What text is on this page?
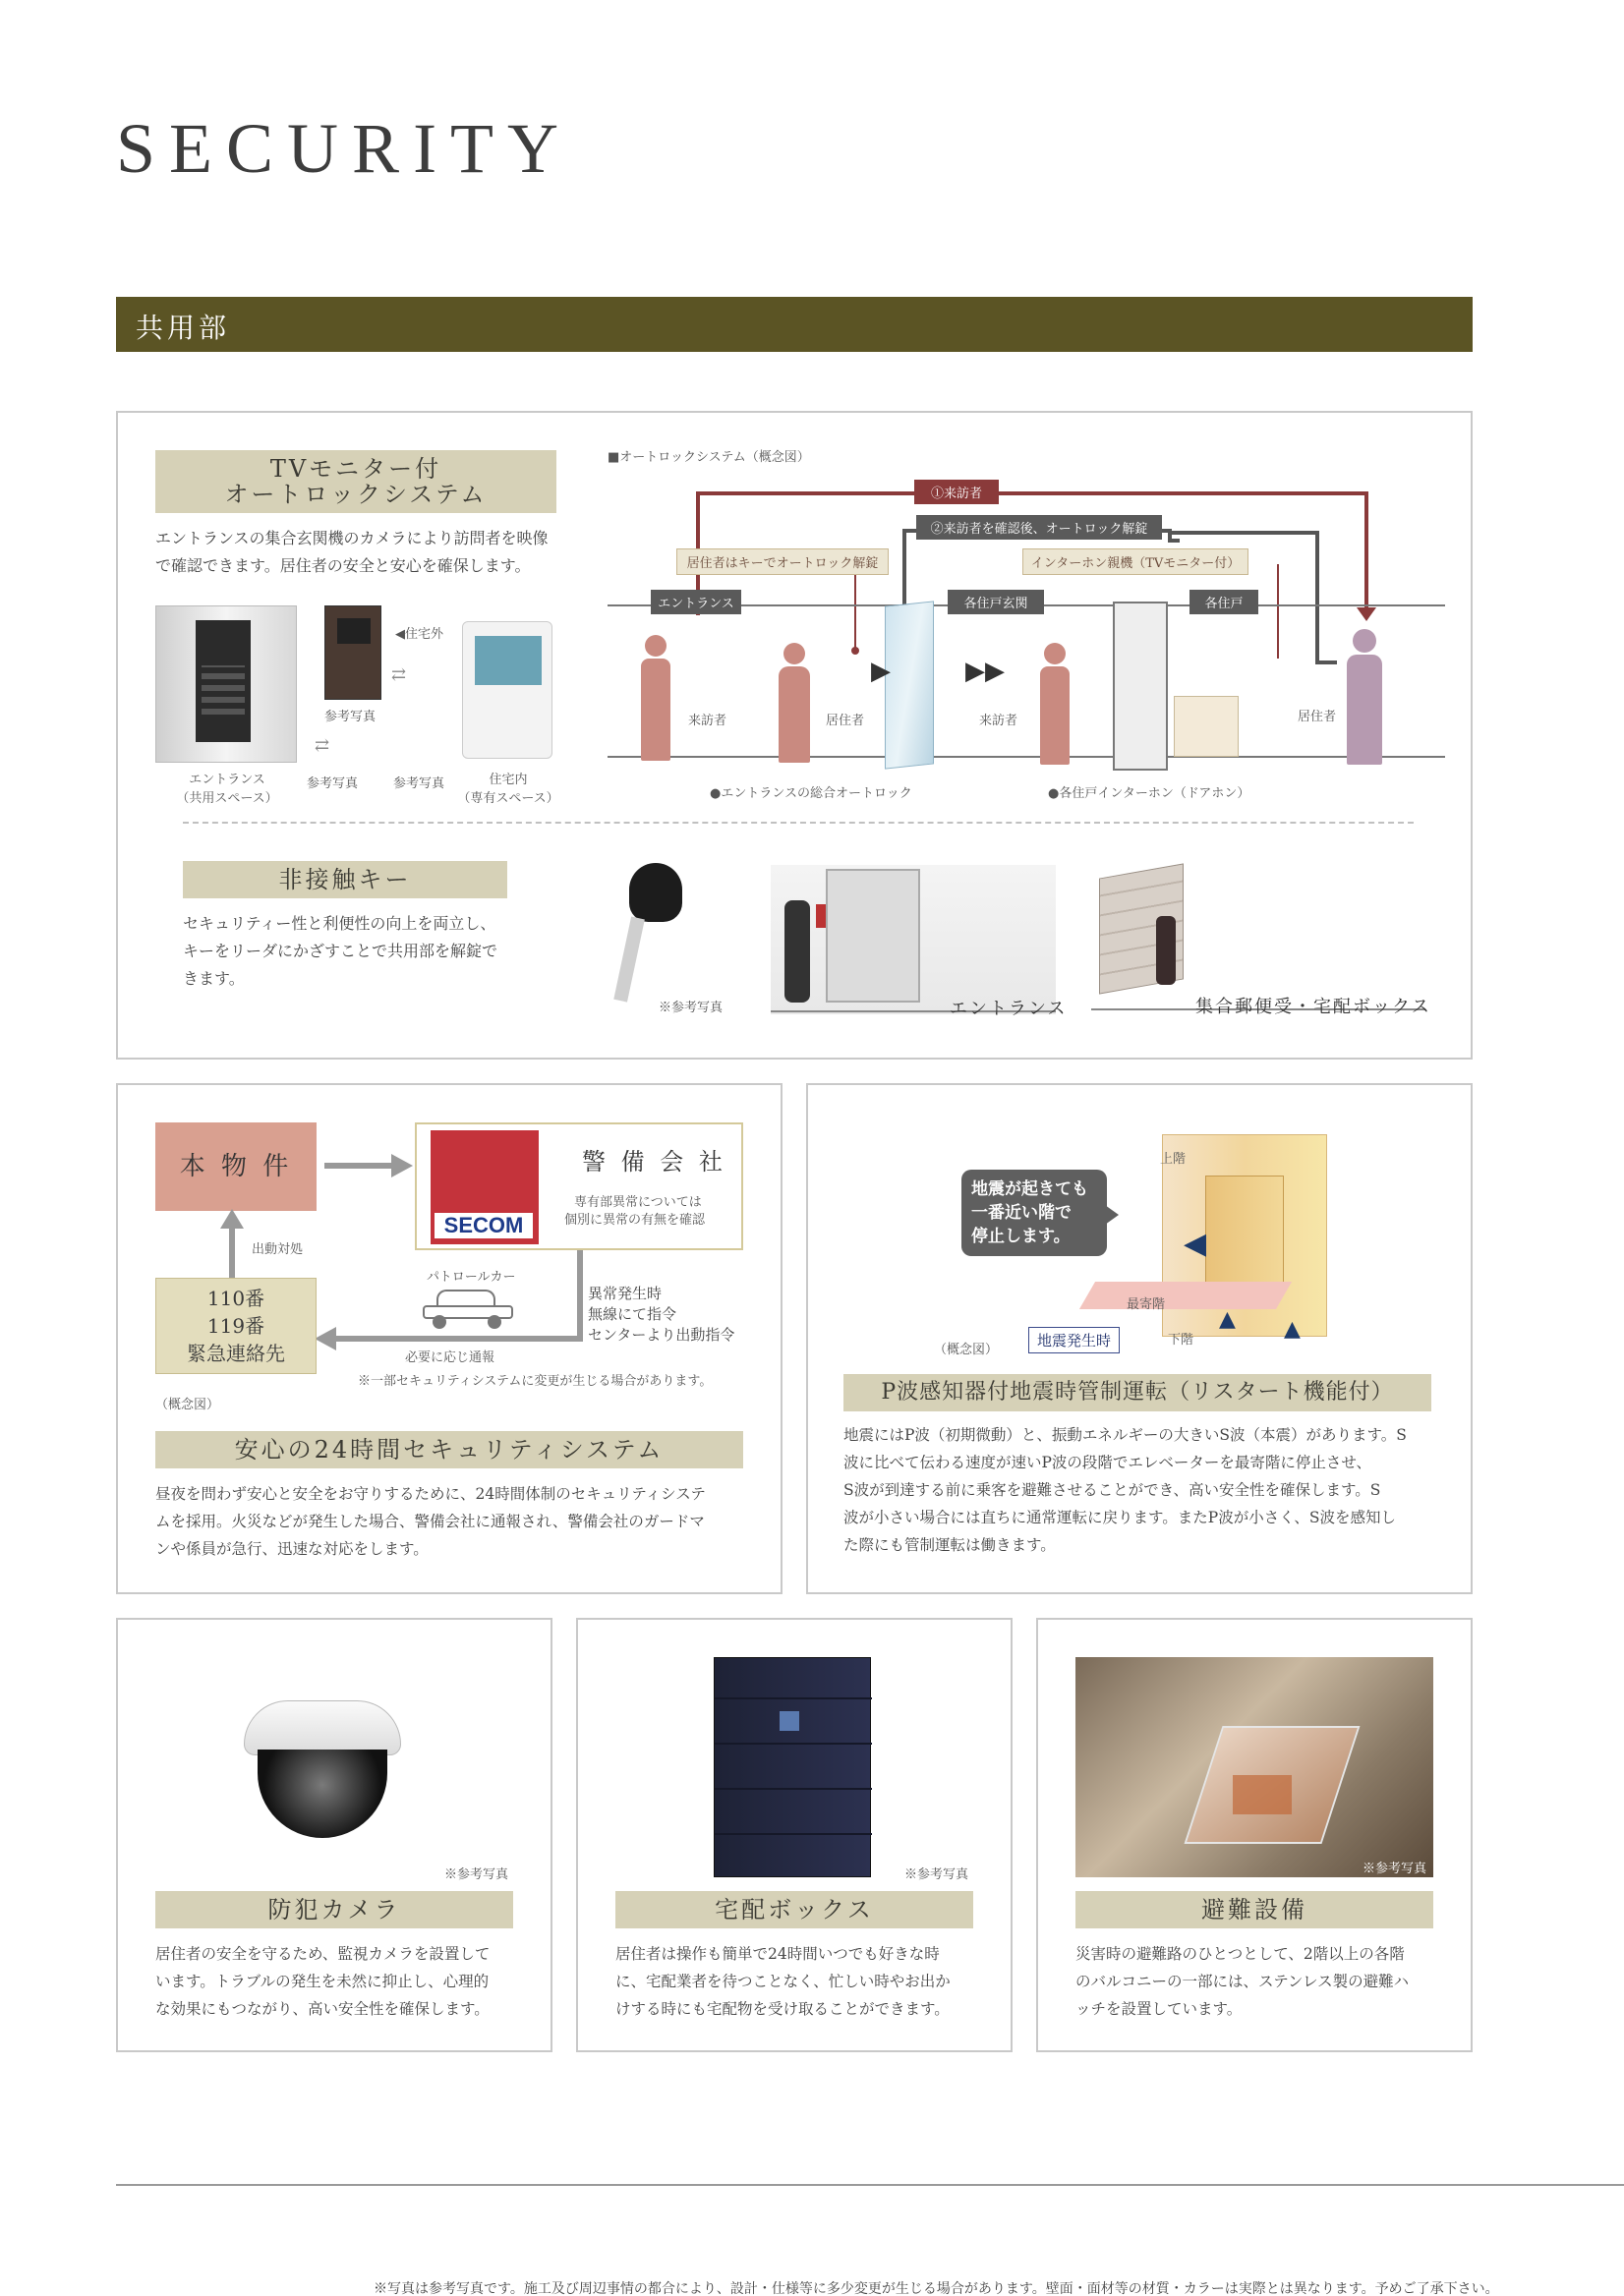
SECURITY
共用部
TVモニター付
オートロックシステム
エントランスの集合玄関機のカメラにより訪問者を映像
で確認できます。居住者の安全と安心を確保します。
◀住宅外
⇄
参考写真
⇄
参考写真	参考写真
エントランス
（共用スペース）
住宅内
（専有スペース）
■オートロックシステム（概念図）
①来訪者
②来訪者を確認後、オートロック解錠
居住者はキーでオートロック解錠	インターホン親機（TVモニター付）
エントランス	各住戸玄関	各住戸
▶	▶▶
来訪者	居住者	来訪者	居住者
●エントランスの総合オートロック	●各住戸インターホン（ドアホン）
非接触キー
セキュリティー性と利便性の向上を両立し、
キーをリーダにかざすことで共用部を解錠で
きます。
※参考写真	エントランス	集合郵便受・宅配ボックス
本 物 件
SECOM
警 備 会 社
専有部異常については
個別に異常の有無を確認
出動対処
パトロールカー
異常発生時
無線にて指令
センターより出動指令
110番
119番
緊急連絡先	必要に応じ通報
※一部セキュリティシステムに変更が生じる場合があります。
（概念図）
安心の24時間セキュリティシステム
昼夜を問わず安心と安全をお守りするために、24時間体制のセキュリティシステ
ムを採用。火災などが発生した場合、警備会社に通報され、警備会社のガードマ
ンや係員が急行、迅速な対応をします。
地震が起きても
一番近い階で
停止します。	◀
上階
最寄階
下階
▲ ▲
地震発生時
（概念図）
P波感知器付地震時管制運転（リスタート機能付）
地震にはP波（初期微動）と、振動エネルギーの大きいS波（本震）があります。S
波に比べて伝わる速度が速いP波の段階でエレベーターを最寄階に停止させ、
S波が到達する前に乗客を避難させることができ、高い安全性を確保します。S
波が小さい場合には直ちに通常運転に戻ります。またP波が小さく、S波を感知し
た際にも管制運転は働きます。
※参考写真
防犯カメラ
居住者の安全を守るため、監視カメラを設置して
います。トラブルの発生を未然に抑止し、心理的
な効果にもつながり、高い安全性を確保します。
※参考写真
宅配ボックス
居住者は操作も簡単で24時間いつでも好きな時
に、宅配業者を待つことなく、忙しい時やお出か
けする時にも宅配物を受け取ることができます。
※参考写真
避難設備
災害時の避難路のひとつとして、2階以上の各階
のバルコニーの一部には、ステンレス製の避難ハ
ッチを設置しています。
※写真は参考写真です。施工及び周辺事情の都合により、設計・仕様等に多少変更が生じる場合があります。壁面・面材等の材質・カラーは実際とは異なります。予めご了承下さい。
